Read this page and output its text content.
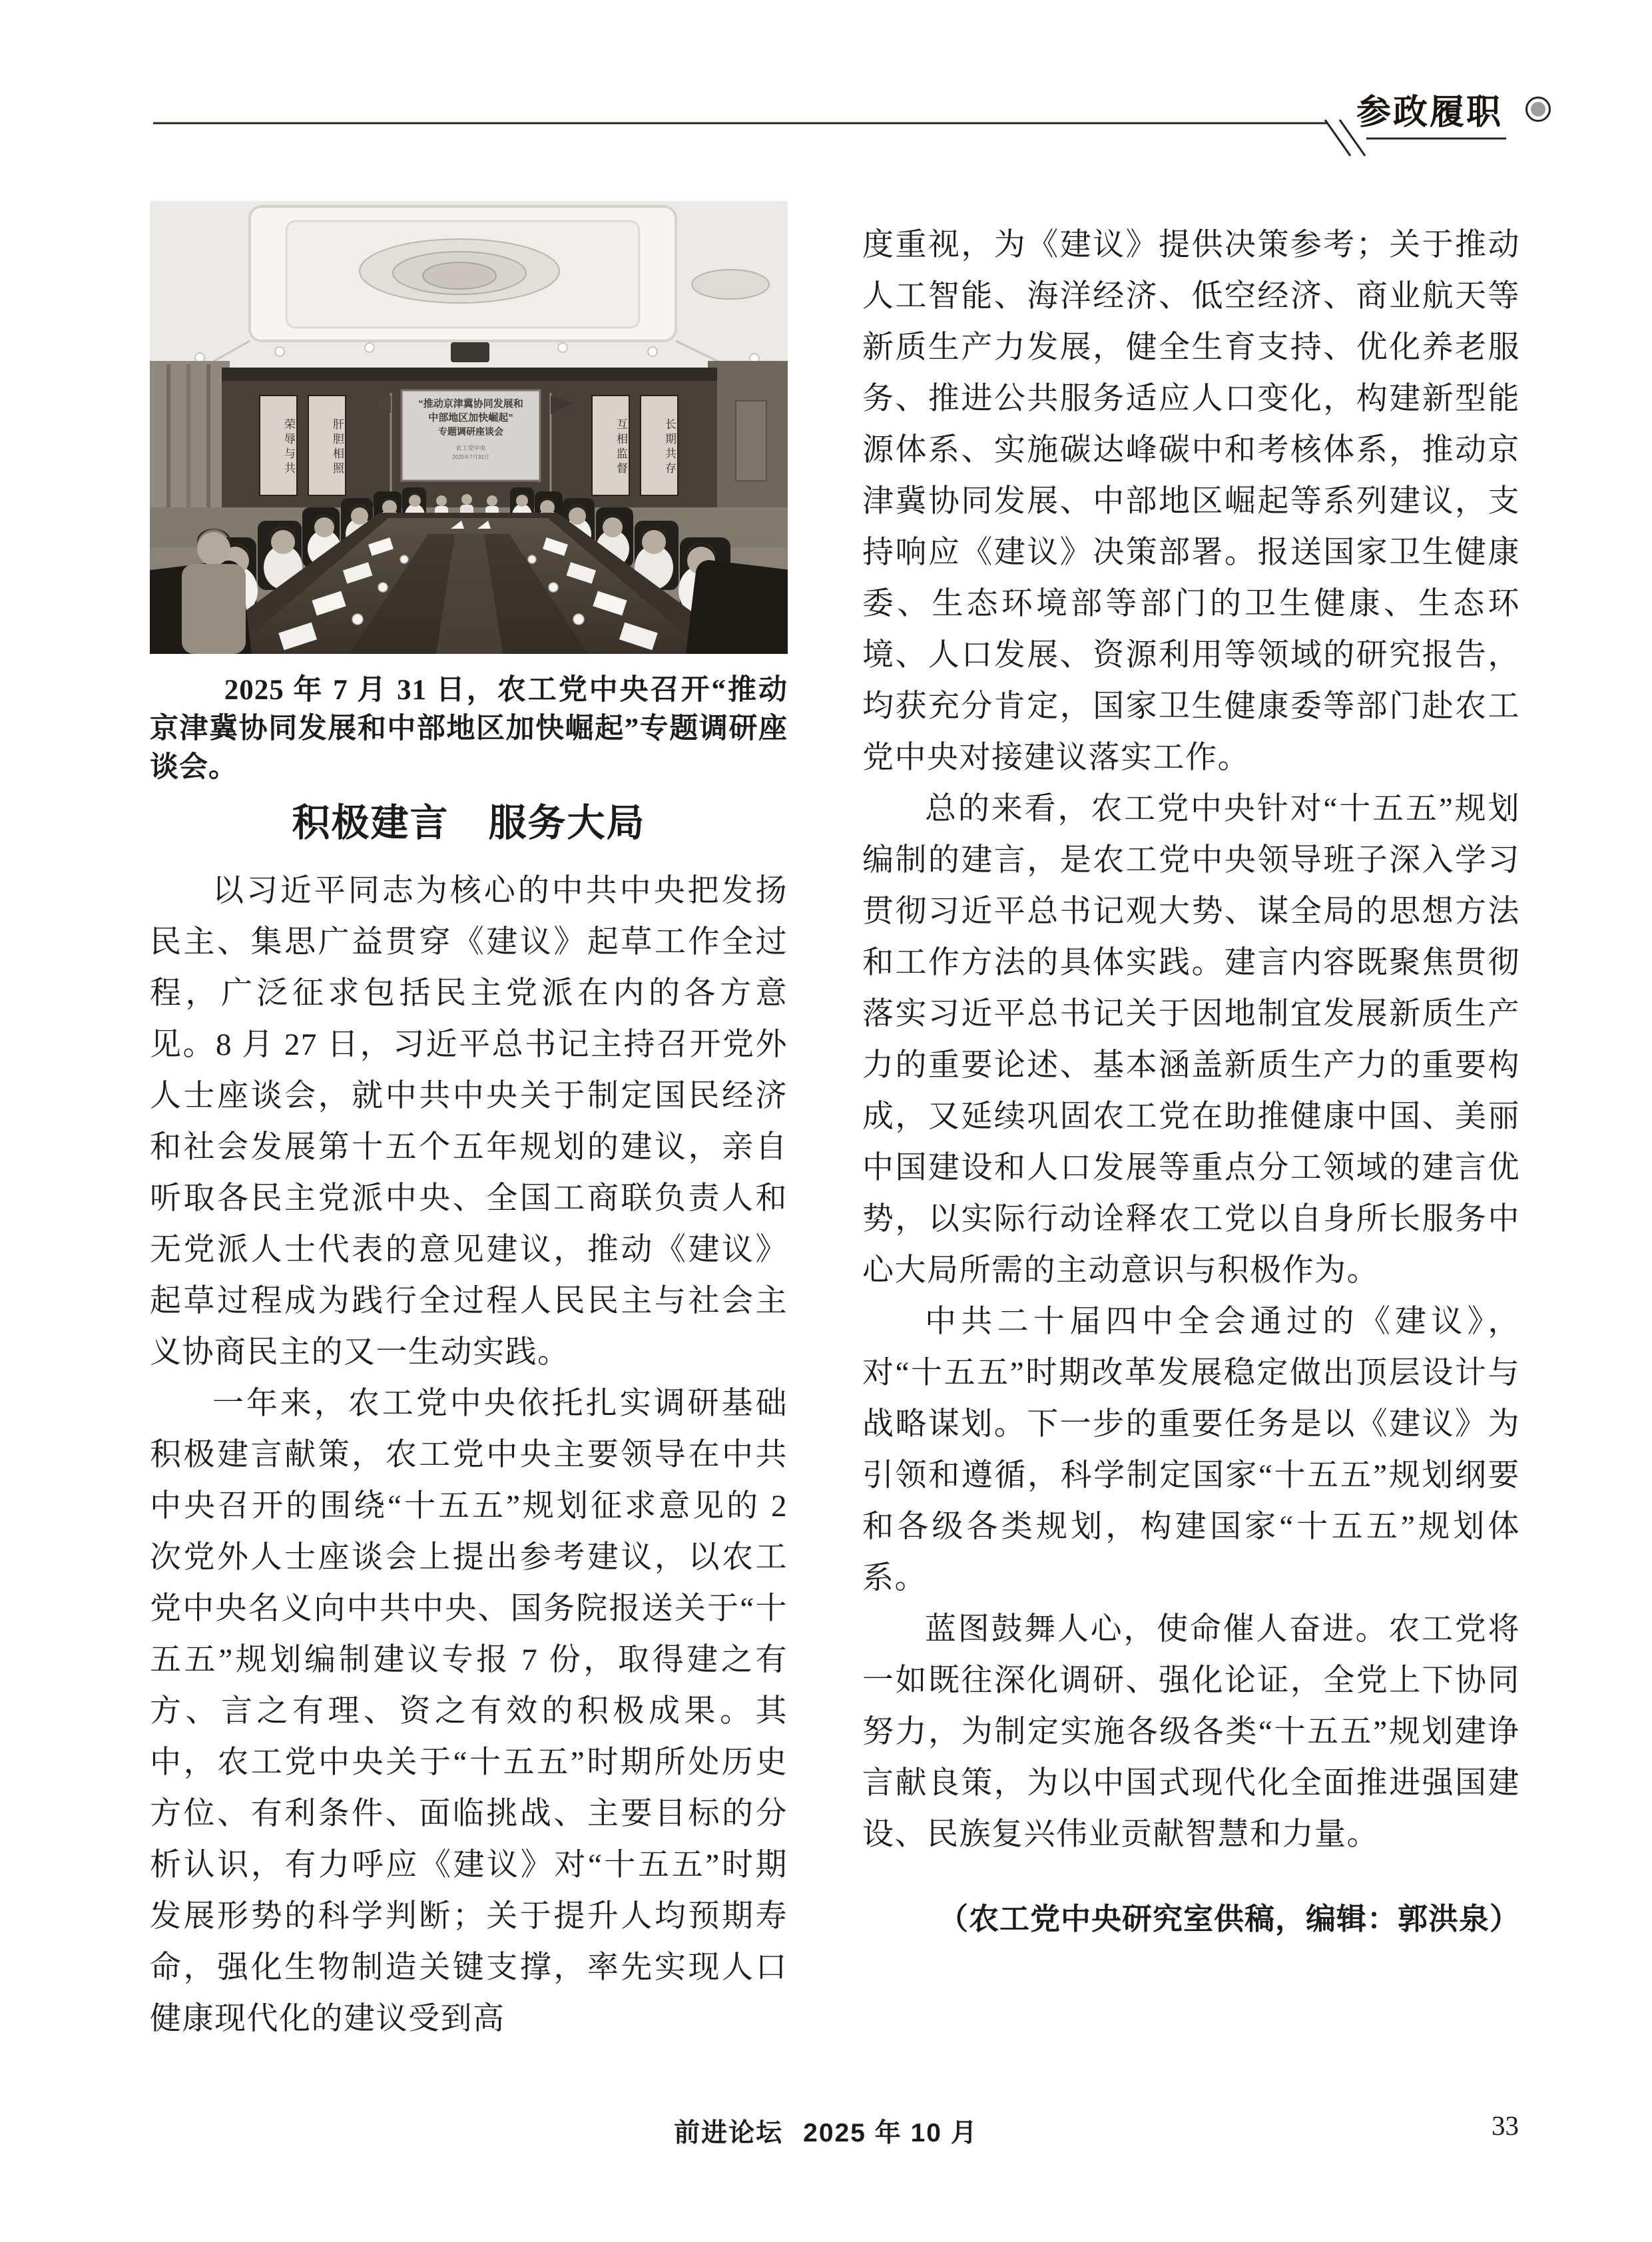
参政履职
“推动京津冀协同发展和
中部地区加快崛起”
专题调研座谈会
农工党中央
2025年7月31日
荣辱与共	肝胆相照	互相监督	长期共存

2025 年 7 月 31 日，农工党中央召开“推动京津冀协同发展和中部地区加快崛起”专题调研座谈会。

积极建言　服务大局

以习近平同志为核心的中共中央把发扬民主、集思广益贯穿《建议》起草工作全过程，广泛征求包括民主党派在内的各方意见。8 月 27 日，习近平总书记主持召开党外人士座谈会，就中共中央关于制定国民经济和社会发展第十五个五年规划的建议，亲自听取各民主党派中央、全国工商联负责人和无党派人士代表的意见建议，推动《建议》起草过程成为践行全过程人民民主与社会主义协商民主的又一生动实践。

一年来，农工党中央依托扎实调研基础积极建言献策，农工党中央主要领导在中共中央召开的围绕“十五五”规划征求意见的 2 次党外人士座谈会上提出参考建议，以农工党中央名义向中共中央、国务院报送关于“十五五”规划编制建议专报 7 份，取得建之有方、言之有理、资之有效的积极成果。其中，农工党中央关于“十五五”时期所处历史方位、有利条件、面临挑战、主要目标的分析认识，有力呼应《建议》对“十五五”时期发展形势的科学判断；关于提升人均预期寿命，强化生物制造关键支撑，率先实现人口健康现代化的建议受到高

度重视，为《建议》提供决策参考；关于推动人工智能、海洋经济、低空经济、商业航天等新质生产力发展，健全生育支持、优化养老服务、推进公共服务适应人口变化，构建新型能源体系、实施碳达峰碳中和考核体系，推动京津冀协同发展、中部地区崛起等系列建议，支持响应《建议》决策部署。报送国家卫生健康委、生态环境部等部门的卫生健康、生态环境、人口发展、资源利用等领域的研究报告，均获充分肯定，国家卫生健康委等部门赴农工党中央对接建议落实工作。

总的来看，农工党中央针对“十五五”规划编制的建言，是农工党中央领导班子深入学习贯彻习近平总书记观大势、谋全局的思想方法和工作方法的具体实践。建言内容既聚焦贯彻落实习近平总书记关于因地制宜发展新质生产力的重要论述、基本涵盖新质生产力的重要构成，又延续巩固农工党在助推健康中国、美丽中国建设和人口发展等重点分工领域的建言优势，以实际行动诠释农工党以自身所长服务中心大局所需的主动意识与积极作为。

中共二十届四中全会通过的《建议》，对“十五五”时期改革发展稳定做出顶层设计与战略谋划。下一步的重要任务是以《建议》为引领和遵循，科学制定国家“十五五”规划纲要和各级各类规划，构建国家“十五五”规划体系。

蓝图鼓舞人心，使命催人奋进。农工党将一如既往深化调研、强化论证，全党上下协同努力，为制定实施各级各类“十五五”规划建诤言献良策，为以中国式现代化全面推进强国建设、民族复兴伟业贡献智慧和力量。

（农工党中央研究室供稿，编辑：郭洪泉）

前进论坛 2025 年 10 月	33
